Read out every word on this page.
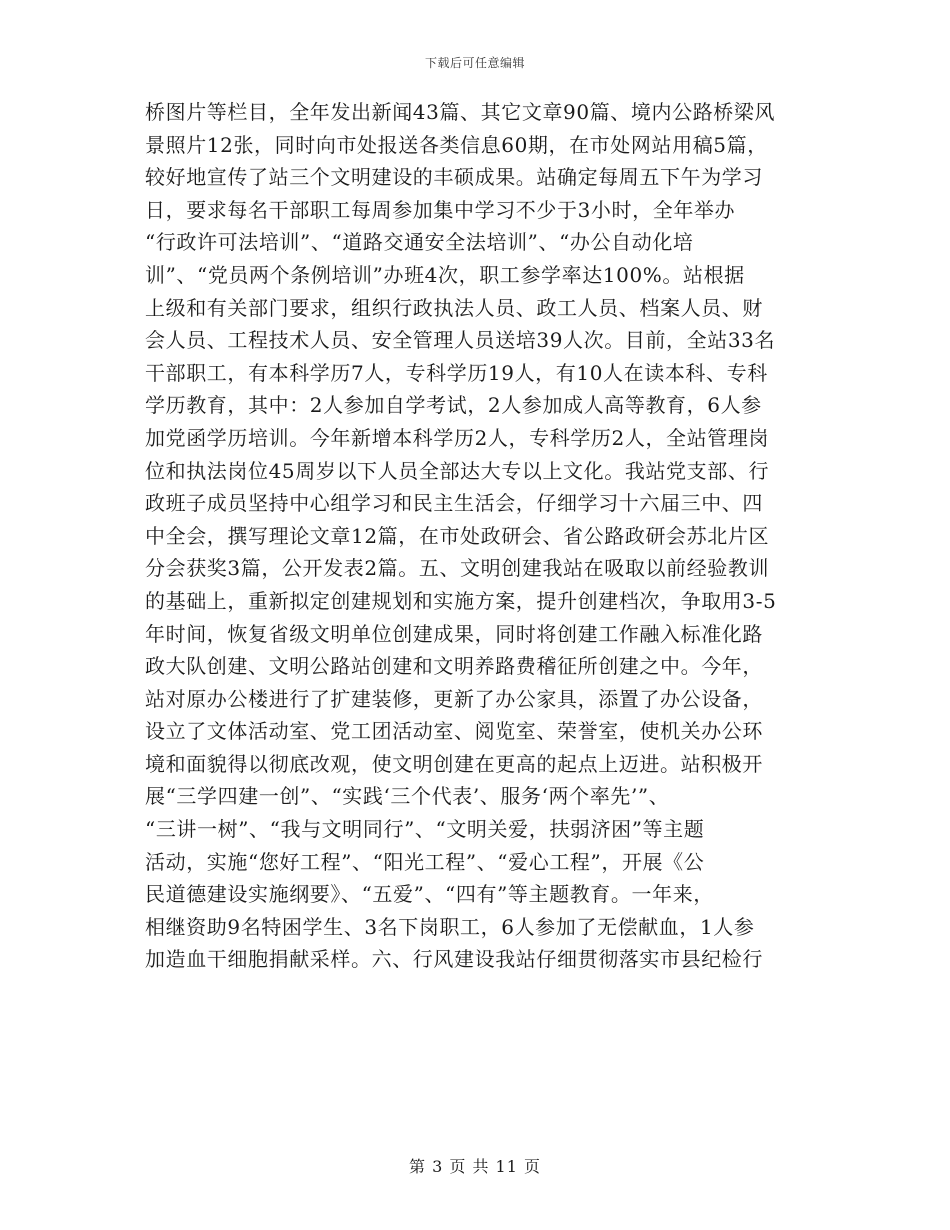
下载后可任意编辑
桥图片等栏目，全年发出新闻43篇、其它文章90篇、境内公路桥梁风
景照片12张，同时向市处报送各类信息60期，在市处网站用稿5篇，
较好地宣传了站三个文明建设的丰硕成果。站确定每周五下午为学习
日，要求每名干部职工每周参加集中学习不少于3小时，全年举办
“行政许可法培训”、“道路交通安全法培训”、“办公自动化培
训”、“党员两个条例培训”办班4次，职工参学率达100%。站根据
上级和有关部门要求，组织行政执法人员、政工人员、档案人员、财
会人员、工程技术人员、安全管理人员送培39人次。目前，全站33名
干部职工，有本科学历7人，专科学历19人，有10人在读本科、专科
学历教育，其中：2人参加自学考试，2人参加成人高等教育，6人参
加党函学历培训。今年新增本科学历2人，专科学历2人，全站管理岗
位和执法岗位45周岁以下人员全部达大专以上文化。我站党支部、行
政班子成员坚持中心组学习和民主生活会，仔细学习十六届三中、四
中全会，撰写理论文章12篇，在市处政研会、省公路政研会苏北片区
分会获奖3篇，公开发表2篇。五、文明创建我站在吸取以前经验教训
的基础上，重新拟定创建规划和实施方案，提升创建档次，争取用3-5
年时间，恢复省级文明单位创建成果，同时将创建工作融入标准化路
政大队创建、文明公路站创建和文明养路费稽征所创建之中。今年，
站对原办公楼进行了扩建装修，更新了办公家具，添置了办公设备，
设立了文体活动室、党工团活动室、阅览室、荣誉室，使机关办公环
境和面貌得以彻底改观，使文明创建在更高的起点上迈进。站积极开
展“三学四建一创”、“实践‘三个代表’、服务‘两个率先’”、
“三讲一树”、“我与文明同行”、“文明关爱，扶弱济困”等主题
活动，实施“您好工程”、“阳光工程”、“爱心工程”，开展《公
民道德建设实施纲要》、“五爱”、“四有”等主题教育。一年来，
相继资助9名特困学生、3名下岗职工，6人参加了无偿献血，1人参
加造血干细胞捐献采样。六、行风建设我站仔细贯彻落实市县纪检行
第 3 页 共 11 页
